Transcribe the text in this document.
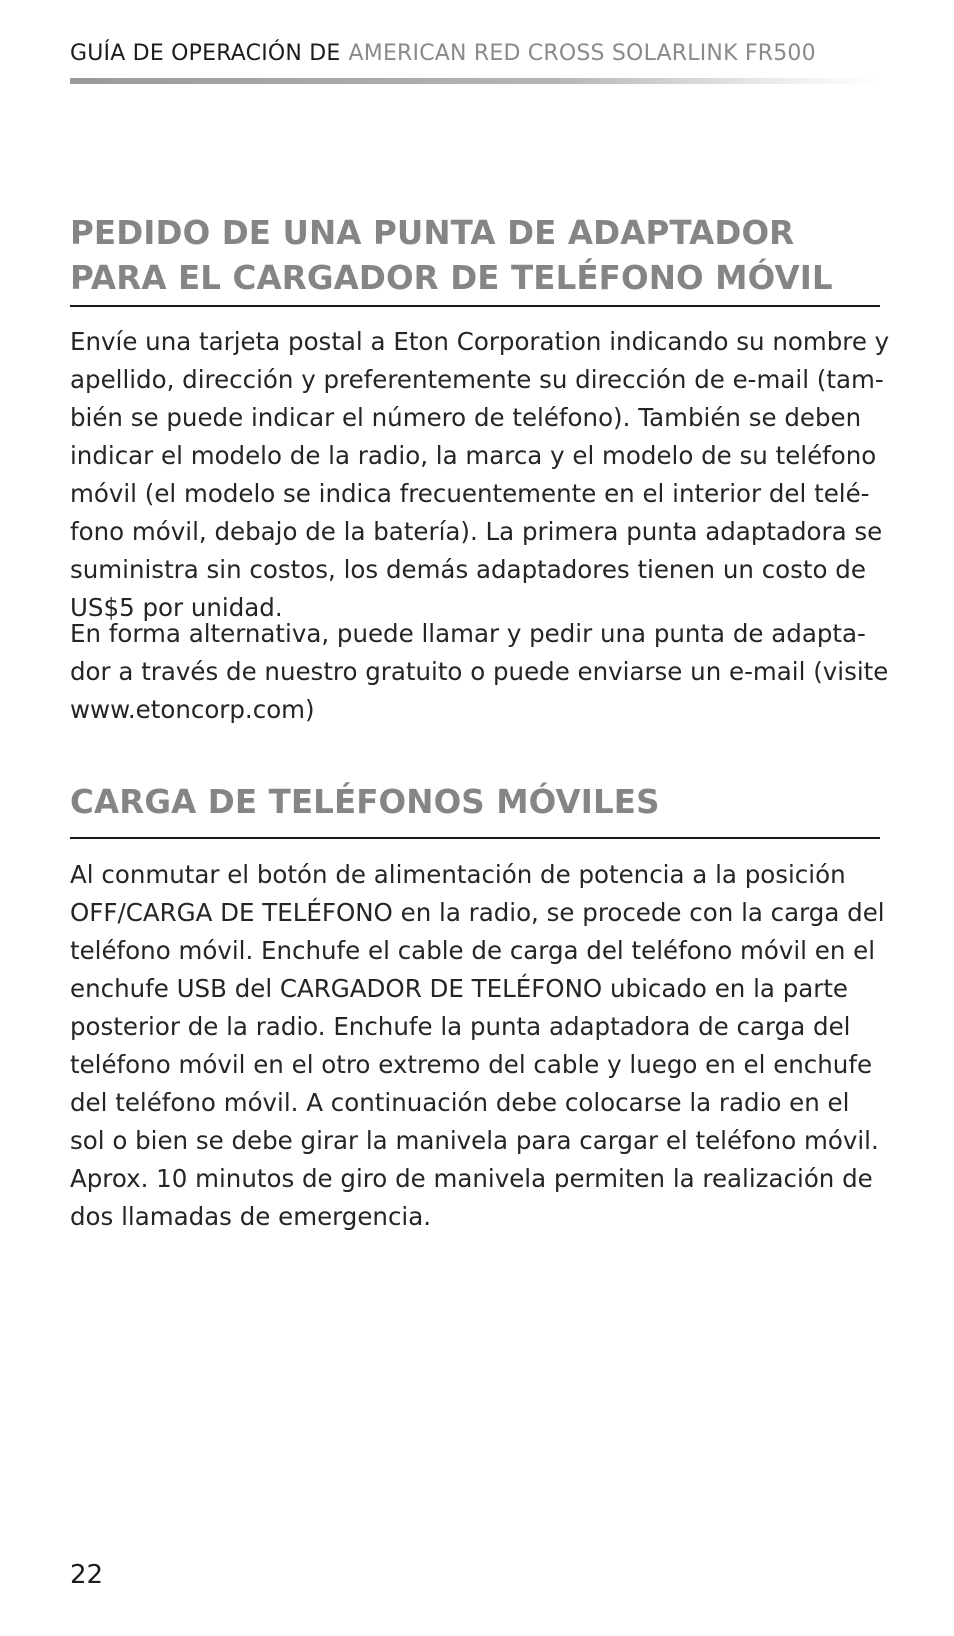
GUÍA DE OPERACIÓN DE AMERICAN RED CROSS SOLARLINK FR500
PEDIDO DE UNA PUNTA DE ADAPTADOR
PARA EL CARGADOR DE TELÉFONO MÓVIL

Envíe una tarjeta postal a Eton Corporation indicando su nombre y
apellido, dirección y preferentemente su dirección de e-mail (tam-
bién se puede indicar el número de teléfono). También se deben
indicar el modelo de la radio, la marca y el modelo de su teléfono
móvil (el modelo se indica frecuentemente en el interior del telé-
fono móvil, debajo de la batería). La primera punta adaptadora se
suministra sin costos, los demás adaptadores tienen un costo de
US$5 por unidad.

En forma alternativa, puede llamar y pedir una punta de adapta-
dor a través de nuestro gratuito o puede enviarse un e-mail (visite
www.etoncorp.com)

CARGA DE TELÉFONOS MÓVILES

Al conmutar el botón de alimentación de potencia a la posición
OFF/CARGA DE TELÉFONO en la radio, se procede con la carga del
teléfono móvil. Enchufe el cable de carga del teléfono móvil en el
enchufe USB del CARGADOR DE TELÉFONO ubicado en la parte
posterior de la radio. Enchufe la punta adaptadora de carga del
teléfono móvil en el otro extremo del cable y luego en el enchufe
del teléfono móvil. A continuación debe colocarse la radio en el
sol o bien se debe girar la manivela para cargar el teléfono móvil.
Aprox. 10 minutos de giro de manivela permiten la realización de
dos llamadas de emergencia.

22
